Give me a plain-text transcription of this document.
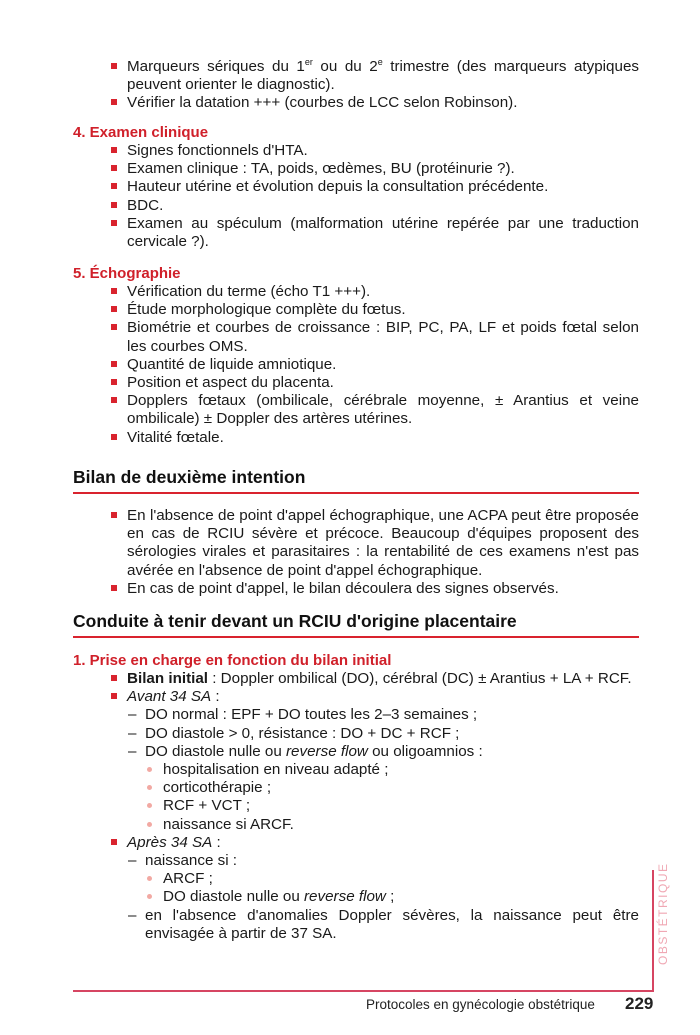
Marqueurs sériques du 1er ou du 2e trimestre (des marqueurs atypiques peuvent orienter le diagnostic).
Vérifier la datation +++ (courbes de LCC selon Robinson).
4. Examen clinique
Signes fonctionnels d'HTA.
Examen clinique : TA, poids, œdèmes, BU (protéinurie ?).
Hauteur utérine et évolution depuis la consultation précédente.
BDC.
Examen au spéculum (malformation utérine repérée par une traduction cervicale ?).
5. Échographie
Vérification du terme (écho T1 +++).
Étude morphologique complète du fœtus.
Biométrie et courbes de croissance : BIP, PC, PA, LF et poids fœtal selon les courbes OMS.
Quantité de liquide amniotique.
Position et aspect du placenta.
Dopplers fœtaux (ombilicale, cérébrale moyenne, ± Arantius et veine ombilicale) ± Doppler des artères utérines.
Vitalité fœtale.
Bilan de deuxième intention
En l'absence de point d'appel échographique, une ACPA peut être proposée en cas de RCIU sévère et précoce. Beaucoup d'équipes proposent des sérologies virales et parasitaires : la rentabilité de ces examens n'est pas avérée en l'absence de point d'appel échographique.
En cas de point d'appel, le bilan découlera des signes observés.
Conduite à tenir devant un RCIU d'origine placentaire
1. Prise en charge en fonction du bilan initial
Bilan initial : Doppler ombilical (DO), cérébral (DC) ± Arantius + LA + RCF.
Avant 34 SA :
– DO normal : EPF + DO toutes les 2–3 semaines ;
– DO diastole > 0, résistance : DO + DC + RCF ;
– DO diastole nulle ou reverse flow ou oligoamnios :
hospitalisation en niveau adapté ;
corticothérapie ;
RCF + VCT ;
naissance si ARCF.
Après 34 SA :
– naissance si :
ARCF ;
DO diastole nulle ou reverse flow ;
– en l'absence d'anomalies Doppler sévères, la naissance peut être envisagée à partir de 37 SA.	OBSTÉTRIQUE
Protocoles en gynécologie obstétrique 229
